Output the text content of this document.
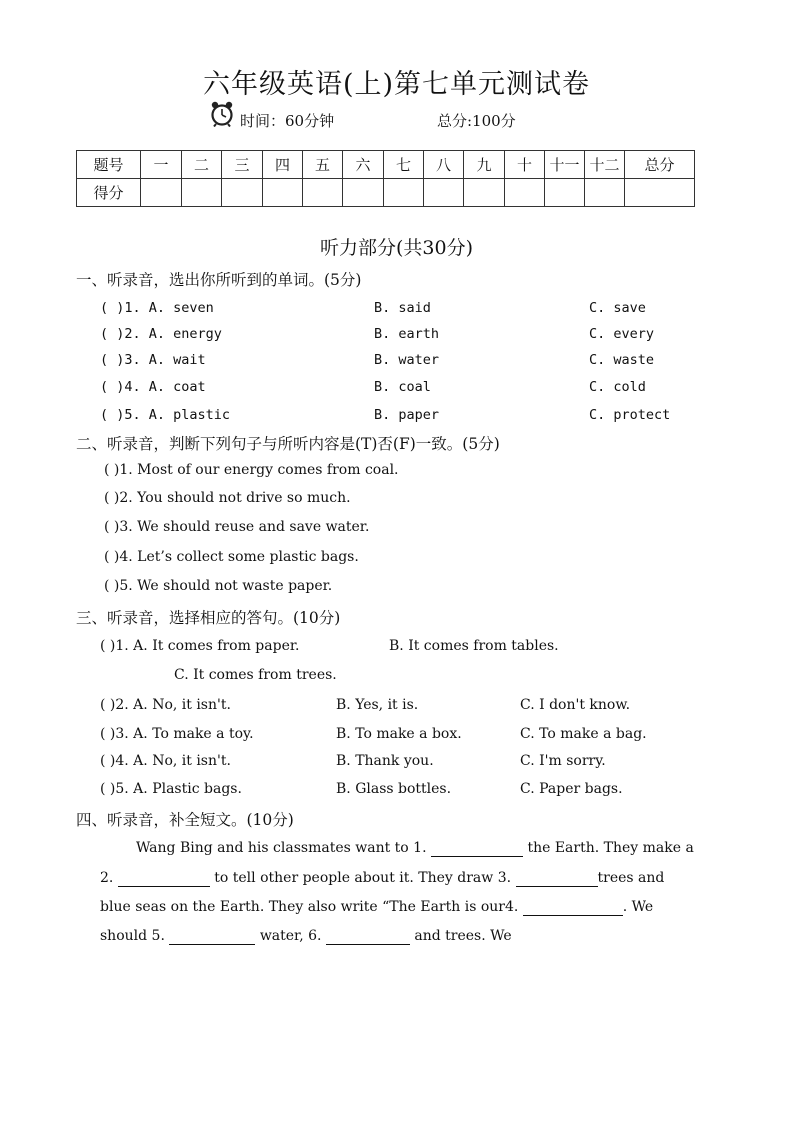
六年级英语(上)第七单元测试卷
时间：60分钟	总分:100分
题号	一	二	三	四	五	六	七	八	九	十	十一	十二	总分
得分													
听力部分(共30分)
一、听录音，选出你所听到的单词。(5分)
( )1. A. seven	B. said	C. save
( )2. A. energy	B. earth	C. every
( )3. A. wait	B. water	C. waste
( )4. A. coat	B. coal	C. cold
( )5. A. plastic	B. paper	C. protect
二、听录音，判断下列句子与所听内容是(T)否(F)一致。(5分)
( )1. Most of our energy comes from coal.
( )2. You should not drive so much.
( )3. We should reuse and save water.
( )4. Let’s collect some plastic bags.
( )5. We should not waste paper.
三、听录音，选择相应的答句。(10分)
( )1. A. It comes from paper.	B. It comes from tables.
C. It comes from trees.
( )2. A. No, it isn't.	B. Yes, it is.	C. I don't know.
( )3. A. To make a toy.	B. To make a box.	C. To make a bag.
( )4. A. No, it isn't.	B. Thank you.	C. I'm sorry.
( )5. A. Plastic bags.	B. Glass bottles.	C. Paper bags.
四、听录音，补全短文。(10分)
Wang Bing and his classmates want to 1.	the Earth. They make a
2.	to tell other people about it. They draw 3.	trees and
blue seas on the Earth. They also write “The Earth is our4.	. We
should 5.	water, 6.	and trees. We
